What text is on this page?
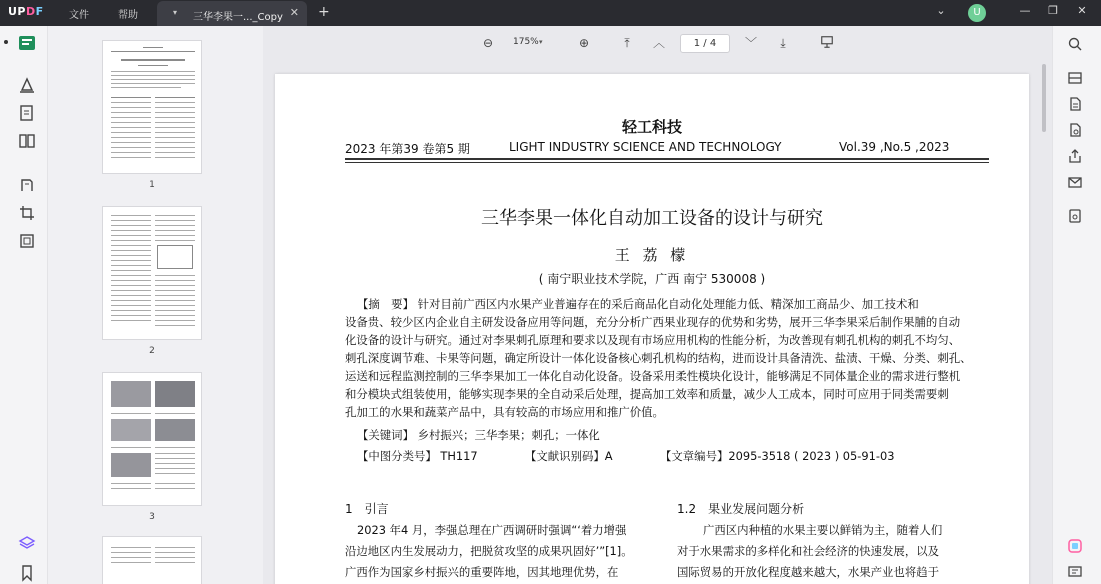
UPDF	文件	帮助	▾	三华李果一..._Copy ✕ +	⌄	U	—	❐	✕
1
2
3
⊖	175% ▾	⊕	⤒	︿	1 / 4	﹀	⤓
轻工科技
2023 年第39 卷第5 期	LIGHT INDUSTRY SCIENCE AND TECHNOLOGY	Vol.39 ,No.5 ,2023
三华李果一体化自动加工设备的设计与研究
王 荔 檬
( 南宁职业技术学院，广西 南宁 530008 )
【摘　要】 针对目前广西区内水果产业普遍存在的采后商品化自动化处理能力低、精深加工商品少、加工技术和
设备贵、较少区内企业自主研发设备应用等问题，充分分析广西果业现存的优势和劣势，展开三华李果采后制作果脯的自动
化设备的设计与研究。通过对李果刺孔原理和要求以及现有市场应用机构的性能分析，为改善现有刺孔机构的刺孔不均匀、
刺孔深度调节难、卡果等问题，确定所设计一体化设备核心刺孔机构的结构，进而设计具备清洗、盐渍、干燥、分类、刺孔、
运送和远程监测控制的三华李果加工一体化自动化设备。设备采用柔性模块化设计，能够满足不同体量企业的需求进行整机
和分模块式组装使用，能够实现李果的全自动采后处理，提高加工效率和质量，减少人工成本，同时可应用于同类需要刺
孔加工的水果和蔬菜产品中，具有较高的市场应用和推广价值。
【关键词】 乡村振兴；三华李果；刺孔；一体化
【中图分类号】 TH117	【文献识别码】A	【文章编号】2095-3518 ( 2023 ) 05-91-03
1　引言
2023 年4 月，李强总理在广西调研时强调“‘着力增强
沿边地区内生发展动力，把脱贫攻坚的成果巩固好’”[1]。
广西作为国家乡村振兴的重要阵地，因其地理优势，在
1.2　果业发展问题分析
广西区内种植的水果主要以鲜销为主，随着人们
对于水果需求的多样化和社会经济的快速发展，以及
国际贸易的开放化程度越来越大，水果产业也将趋于
